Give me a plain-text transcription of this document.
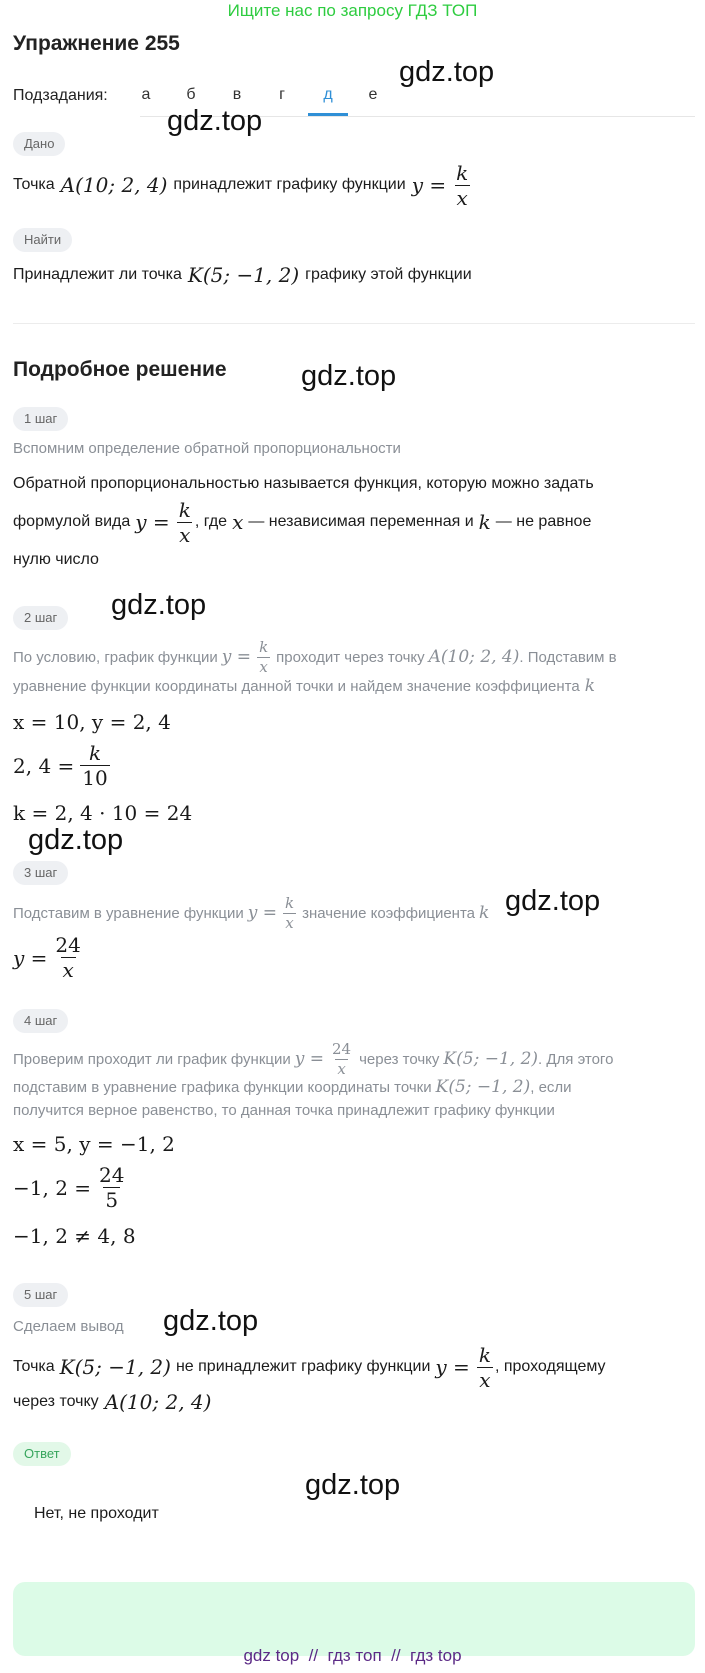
Ищите нас по запросу ГДЗ ТОП
Упражнение 255
Подзадания:	а	б	в	г	д	е
gdz.top
gdz.top
gdz.top
gdz.top
gdz.top
gdz.top
gdz.top
gdz.top
Дано
Точка A(10; 2, 4) принадлежит графику функции $y = \frac{k}{x}$
Найти
Принадлежит ли точка K(5; −1, 2) графику этой функции
Подробное решение
1 шаг
Вспомним определение обратной пропорциональности
Обратной пропорциональностью называется функция, которую можно задать
формулой вида $y = \frac{k}{x}$ , где x — независимая переменная и k — не равное
нулю число
2 шаг
По условию, график функции $y = \frac{k}{x}$ проходит через точку A(10; 2, 4) . Подставим в
уравнение функции координаты данной точки и найдем значение коэффициента k
x = 10, y = 2, 4
2, $4 = \frac{k}{10}$
k = 2, 4 · 10 = 24
3 шаг
Подставим в уравнение функции $y = \frac{k}{x}$ значение коэффициента k
$y = \frac{24}{x}$
4 шаг
Проверим проходит ли график функции $y = \frac{24}{x}$ через точку K(5; −1, 2) . Для этого
подставим в уравнение графика функции координаты точки K(5; −1, 2) , если
получится верное равенство, то данная точка принадлежит графику функции
x = 5, y = −1, 2
−1, $2 = \frac{24}{5}$
−1, 2 ≠ 4, 8
5 шаг
Сделаем вывод
Точка K(5; −1, 2) не принадлежит графику функции $y = \frac{k}{x}$ , проходящему
через точку A(10; 2, 4)
Ответ
Нет, не проходит
gdz top  //  гдз топ  //  гдз top
